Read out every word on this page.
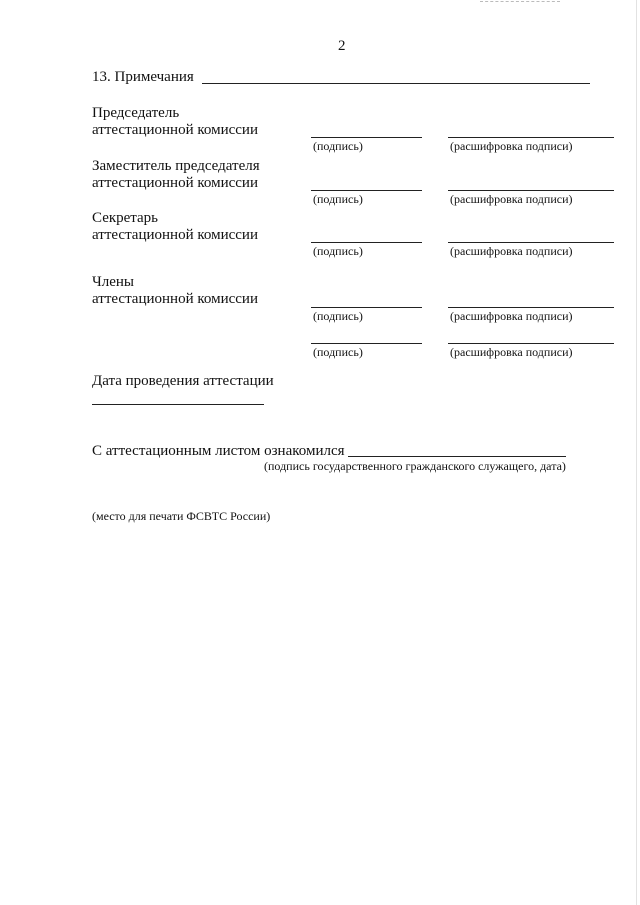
2
13. Примечания
Председатель
аттестационной комиссии
(подпись)	(расшифровка подписи)
Заместитель председателя
аттестационной комиссии
(подпись)	(расшифровка подписи)
Секретарь
аттестационной комиссии
(подпись)	(расшифровка подписи)
Члены
аттестационной комиссии
(подпись)	(расшифровка подписи)
(подпись)	(расшифровка подписи)
Дата проведения аттестации
С аттестационным листом ознакомился
(подпись государственного гражданского служащего, дата)
(место для печати ФСВТС России)
